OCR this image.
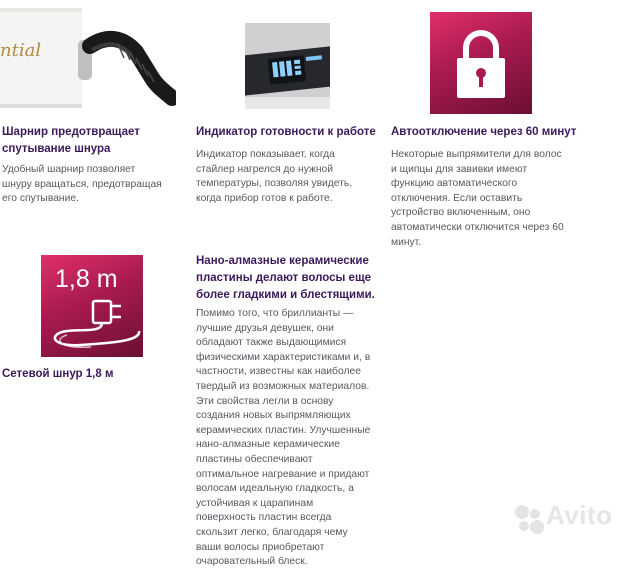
ntial
Шарнир предотвращает спутывание шнура
Удобный шарнир позволяет шнуру вращаться, предотвращая его спутывание.
Индикатор готовности к работе
Индикатор показывает, когда стайлер нагрелся до нужной температуры, позволяя увидеть, когда прибор готов к работе.
Автоотключение через 60 минут
Некоторые выпрямители для волос и щипцы для завивки имеют функцию автоматического отключения. Если оставить устройство включенным, оно автоматически отключится через 60 минут.
1,8 m
Сетевой шнур 1,8 м
Нано-алмазные керамические пластины делают волосы еще более гладкими и блестящими.
Помимо того, что бриллианты — лучшие друзья девушек, они обладают также выдающимися физическими характеристиками и, в частности, известны как наиболее твердый из возможных материалов. Эти свойства легли в основу создания новых выпрямляющих керамических пластин. Улучшенные нано-алмазные керамические пластины обеспечивают оптимальное нагревание и придают волосам идеальную гладкость, а устойчивая к царапинам поверхность пластин всегда скользит легко, благодаря чему ваши волосы приобретают очаровательный блеск.
Avito
